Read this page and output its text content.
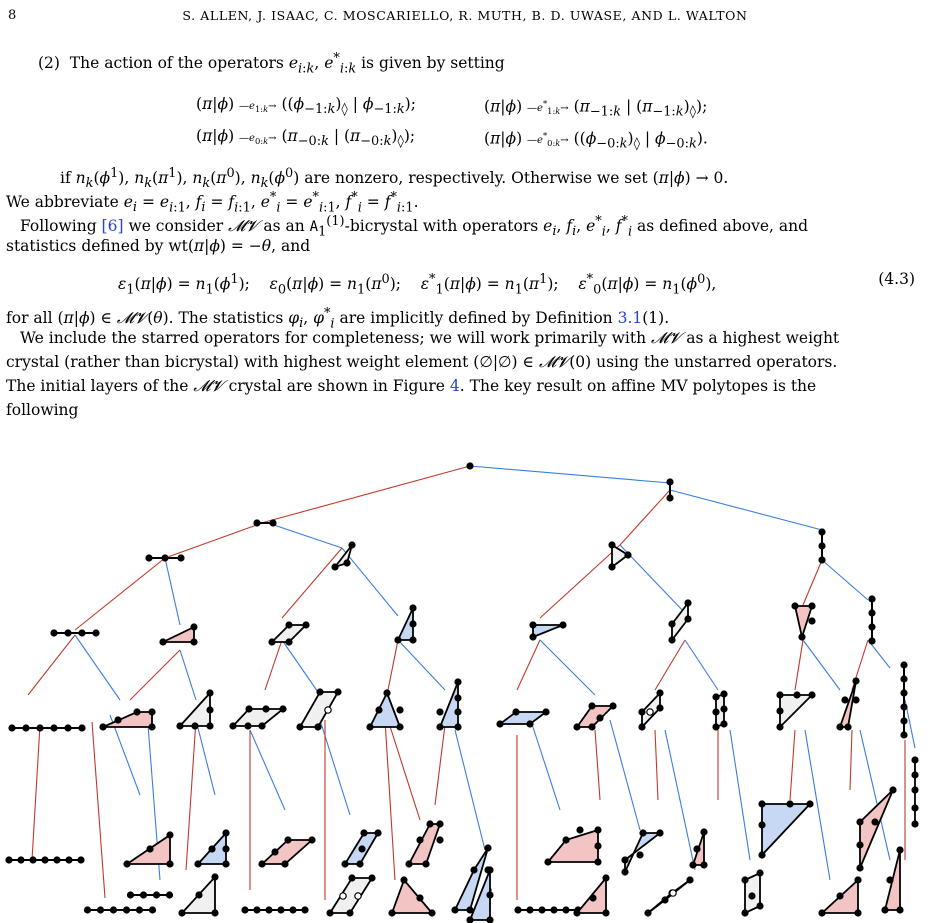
8	S. ALLEN, J. ISAAC, C. MOSCARIELLO, R. MUTH, B. D. UWASE, AND L. WALTON
(2)  The action of the operators $e_{i:k}$, $e^*_{i:k}$ is given by setting
(π|ϕ) $—e_{1:k}\to ((\phi_{-1:k})_◊$ | $\phi_{-1:k}$);	(π|ϕ) $—e^*_{1:k}\to (\pi_{-1:k}$ | $(\pi_{-1:k})_◊$);
(π|ϕ) $—e_{0:k}\to (\pi_{-0:k}$ | $(\pi_{-0:k})_◊$);	(π|ϕ) $—e^*_{0:k}\to ((\phi_{-0:k})_◊$ | $\phi_{-0:k}$).
if $n_k(\phi^1)$, $n_k(\pi^1)$, $n_k(\pi^0)$, $n_k(\phi^0)$ are nonzero, respectively. Otherwise we set (π|ϕ) → 0.
We abbreviate $e_i = e_{i:1}$, $f_i = f_{i:1}$, $e^*_i = e^*_{i:1}$, $f^*_i = f^*_{i:1}$.
Following [6] we consider 𝓜𝓥 as an $A_1^{(1)}$-bicrystal with operators $e_i$, $f_i$, $e^*_i$, $f^*_i$ as defined above, and
statistics defined by wt(π|ϕ) = −θ, and
$\varepsilon_1(\pi|\phi) = n_1(\phi^1)$;    $\varepsilon_0(\pi|\phi) = n_1(\pi^0)$;    $\varepsilon^*_1(\pi|\phi) = n_1(\pi^1)$;    $\varepsilon^*_0(\pi|\phi) = n_1(\phi^0)$,	(4.3)
for all (π|ϕ) ∈ 𝓜𝓥(θ). The statistics $\varphi_i$, $\varphi^*_i$ are implicitly defined by Definition 3.1(1).
We include the starred operators for completeness; we will work primarily with 𝓜𝓥 as a highest weight
crystal (rather than bicrystal) with highest weight element (∅|∅) ∈ 𝓜𝓥(0) using the unstarred operators.
The initial layers of the 𝓜𝓥 crystal are shown in Figure 4. The key result on affine MV polytopes is the
following
